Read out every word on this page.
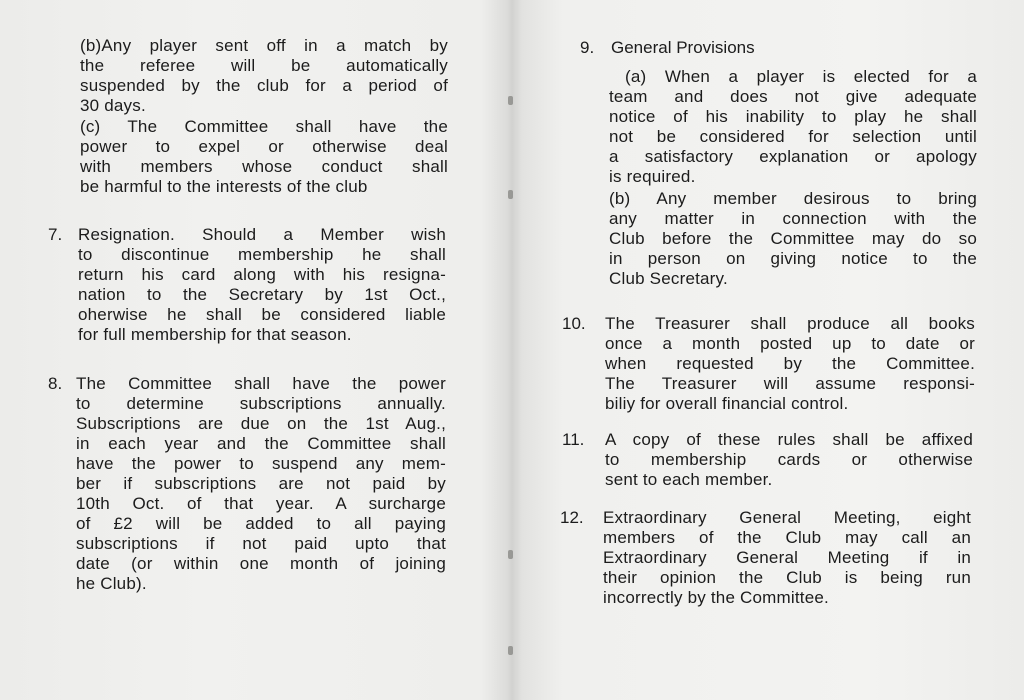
(b)Any player sent off in a match by
the referee will be automatically
suspended by the club for a period of
30 days.
(c) The Committee shall have the
power to expel or otherwise deal
with members whose conduct shall
be harmful to the interests of the club
7. Resignation. Should a Member wish
to discontinue membership he shall
return his card along with his resigna-
nation to the Secretary by 1st Oct.,
oherwise he shall be considered liable
for full membership for that season.
8. The Committee shall have the power
to determine subscriptions annually.
Subscriptions are due on the 1st Aug.,
in each year and the Committee shall
have the power to suspend any mem-
ber if subscriptions are not paid by
10th Oct. of that year. A surcharge
of £2 will be added to all paying
subscriptions if not paid upto that
date (or within one month of joining
he Club).
9. General Provisions
(a) When a player is elected for a
team and does not give adequate
notice of his inability to play he shall
not be considered for selection until
a satisfactory explanation or apology
is required.
(b) Any member desirous to bring
any matter in connection with the
Club before the Committee may do so
in person on giving notice to the
Club Secretary.
10. The Treasurer shall produce all books
once a month posted up to date or
when requested by the Committee.
The Treasurer will assume responsi-
biliy for overall financial control.
11. A copy of these rules shall be affixed
to membership cards or otherwise
sent to each member.
12. Extraordinary General Meeting, eight
members of the Club may call an
Extraordinary General Meeting if in
their opinion the Club is being run
incorrectly by the Committee.
